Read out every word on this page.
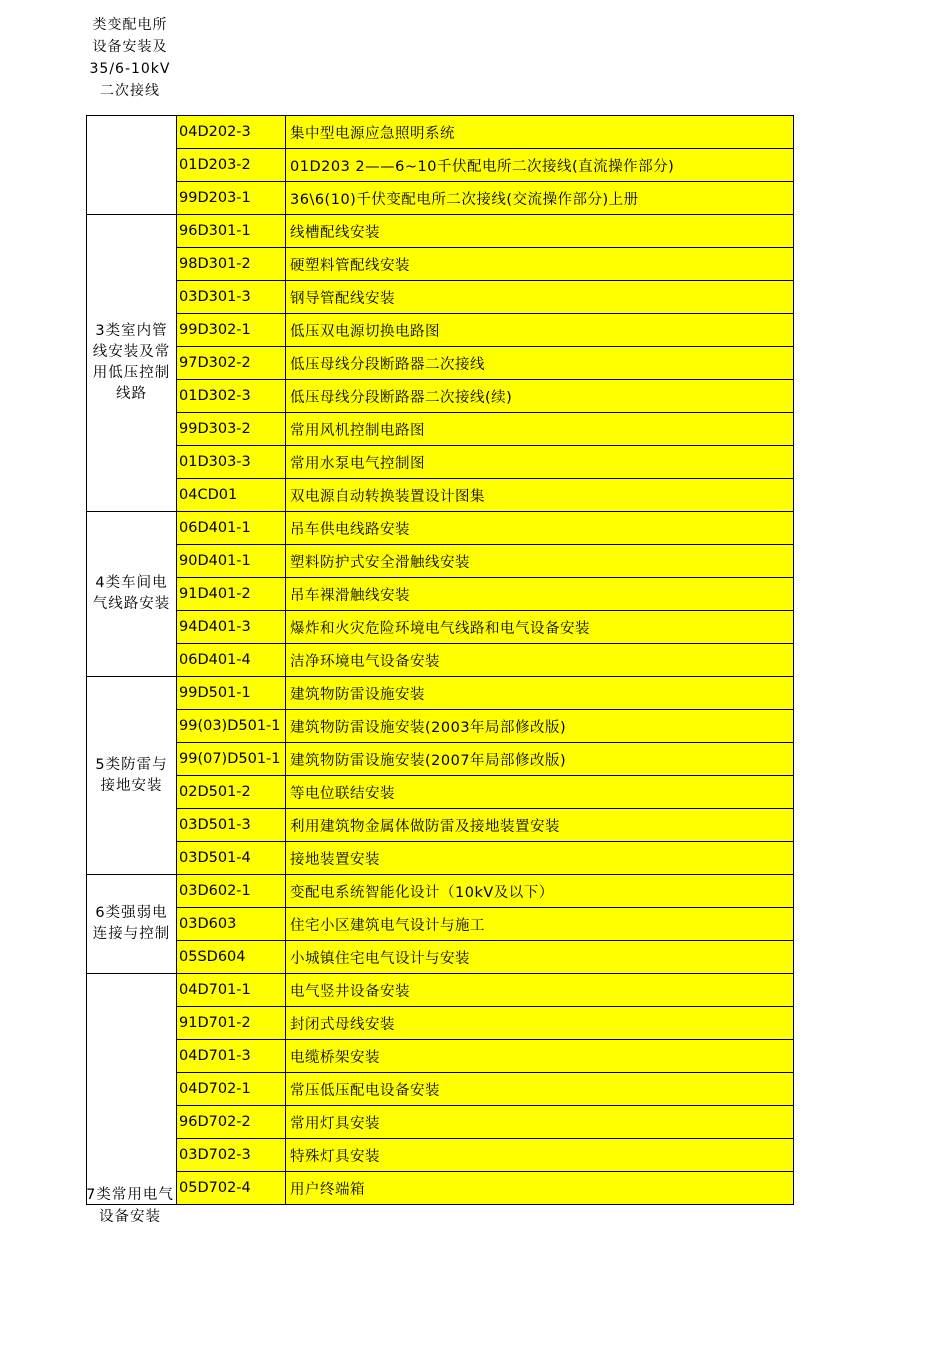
类变配电所设备安装及35/6-10kV二次接线
	04D202-3	集中型电源应急照明系统
	01D203-2	01D203 2——6~10千伏配电所二次接线(直流操作部分)
	99D203-1	36\6(10)千伏变配电所二次接线(交流操作部分)上册
3类室内管线安装及常用低压控制线路	96D301-1	线槽配线安装
	98D301-2	硬塑料管配线安装
	03D301-3	钢导管配线安装
	99D302-1	低压双电源切换电路图
	97D302-2	低压母线分段断路器二次接线
	01D302-3	低压母线分段断路器二次接线(续)
	99D303-2	常用风机控制电路图
	01D303-3	常用水泵电气控制图
	04CD01	双电源自动转换装置设计图集
4类车间电气线路安装	06D401-1	吊车供电线路安装
	90D401-1	塑料防护式安全滑触线安装
	91D401-2	吊车裸滑触线安装
	94D401-3	爆炸和火灾危险环境电气线路和电气设备安装
	06D401-4	洁净环境电气设备安装
5类防雷与接地安装	99D501-1	建筑物防雷设施安装
	99(03)D501-1	建筑物防雷设施安装(2003年局部修改版)
	99(07)D501-1	建筑物防雷设施安装(2007年局部修改版)
	02D501-2	等电位联结安装
	03D501-3	利用建筑物金属体做防雷及接地装置安装
	03D501-4	接地装置安装
6类强弱电连接与控制	03D602-1	变配电系统智能化设计（10kV及以下）
	03D603	住宅小区建筑电气设计与施工
	05SD604	小城镇住宅电气设计与安装
	04D701-1	电气竖井设备安装
	91D701-2	封闭式母线安装
	04D701-3	电缆桥架安装
	04D702-1	常压低压配电设备安装
	96D702-2	常用灯具安装
	03D702-3	特殊灯具安装
	05D702-4	用户终端箱
7类常用电气设备安装
